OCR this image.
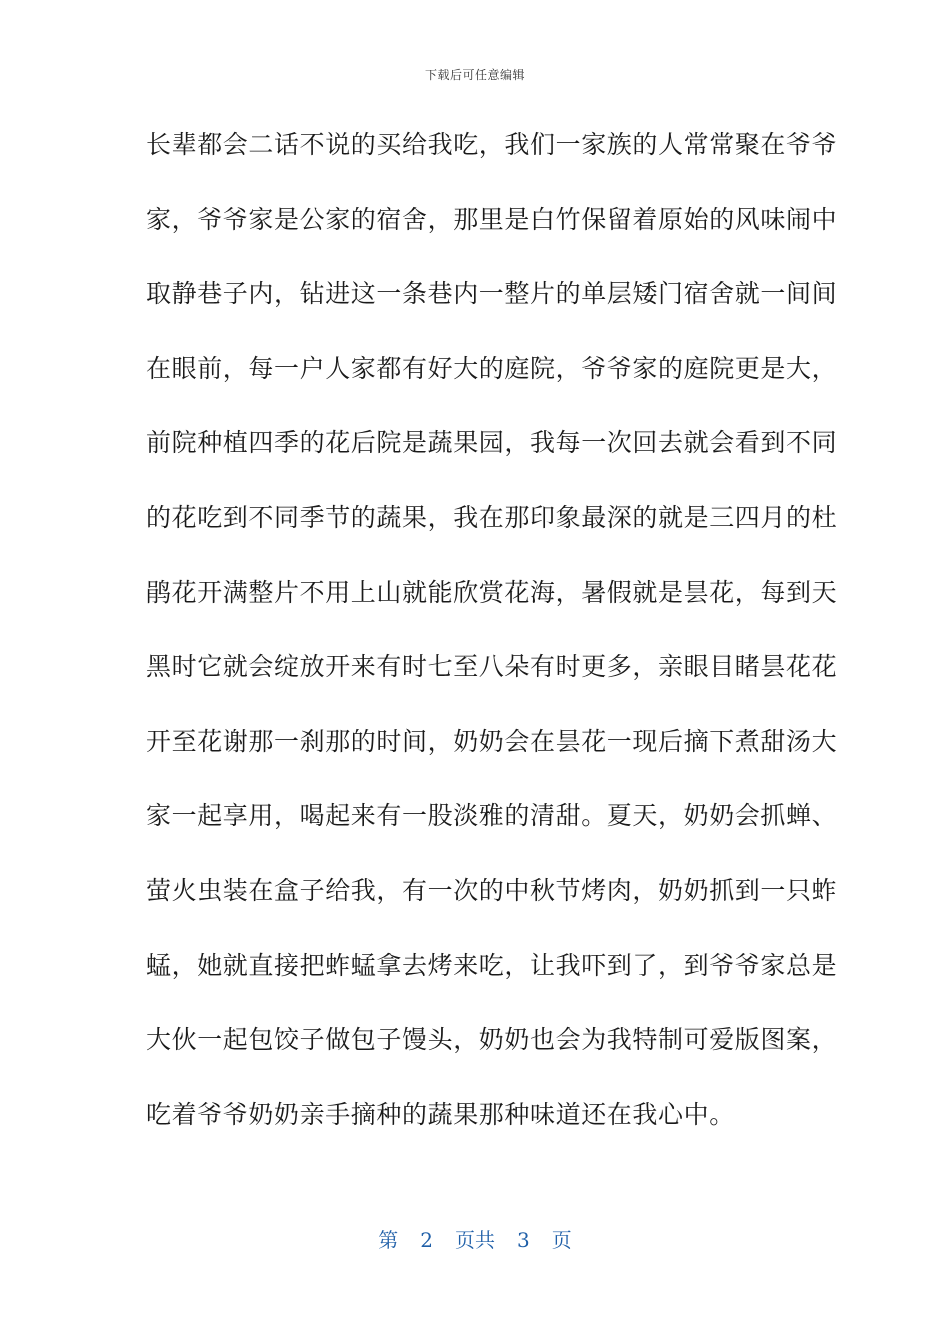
下载后可任意编辑
长辈都会二话不说的买给我吃，我们一家族的人常常聚在爷爷
家，爷爷家是公家的宿舍，那里是白竹保留着原始的风味闹中
取静巷子内，钻进这一条巷内一整片的单层矮门宿舍就一间间
在眼前，每一户人家都有好大的庭院，爷爷家的庭院更是大，
前院种植四季的花后院是蔬果园，我每一次回去就会看到不同
的花吃到不同季节的蔬果，我在那印象最深的就是三四月的杜
鹃花开满整片不用上山就能欣赏花海，暑假就是昙花，每到天
黑时它就会绽放开来有时七至八朵有时更多，亲眼目睹昙花花
开至花谢那一刹那的时间，奶奶会在昙花一现后摘下煮甜汤大
家一起享用，喝起来有一股淡雅的清甜。夏天，奶奶会抓蝉、
萤火虫装在盒子给我，有一次的中秋节烤肉，奶奶抓到一只蚱
蜢，她就直接把蚱蜢拿去烤来吃，让我吓到了，到爷爷家总是
大伙一起包饺子做包子馒头，奶奶也会为我特制可爱版图案，
吃着爷爷奶奶亲手摘种的蔬果那种味道还在我心中。
第 2 页共 3 页
